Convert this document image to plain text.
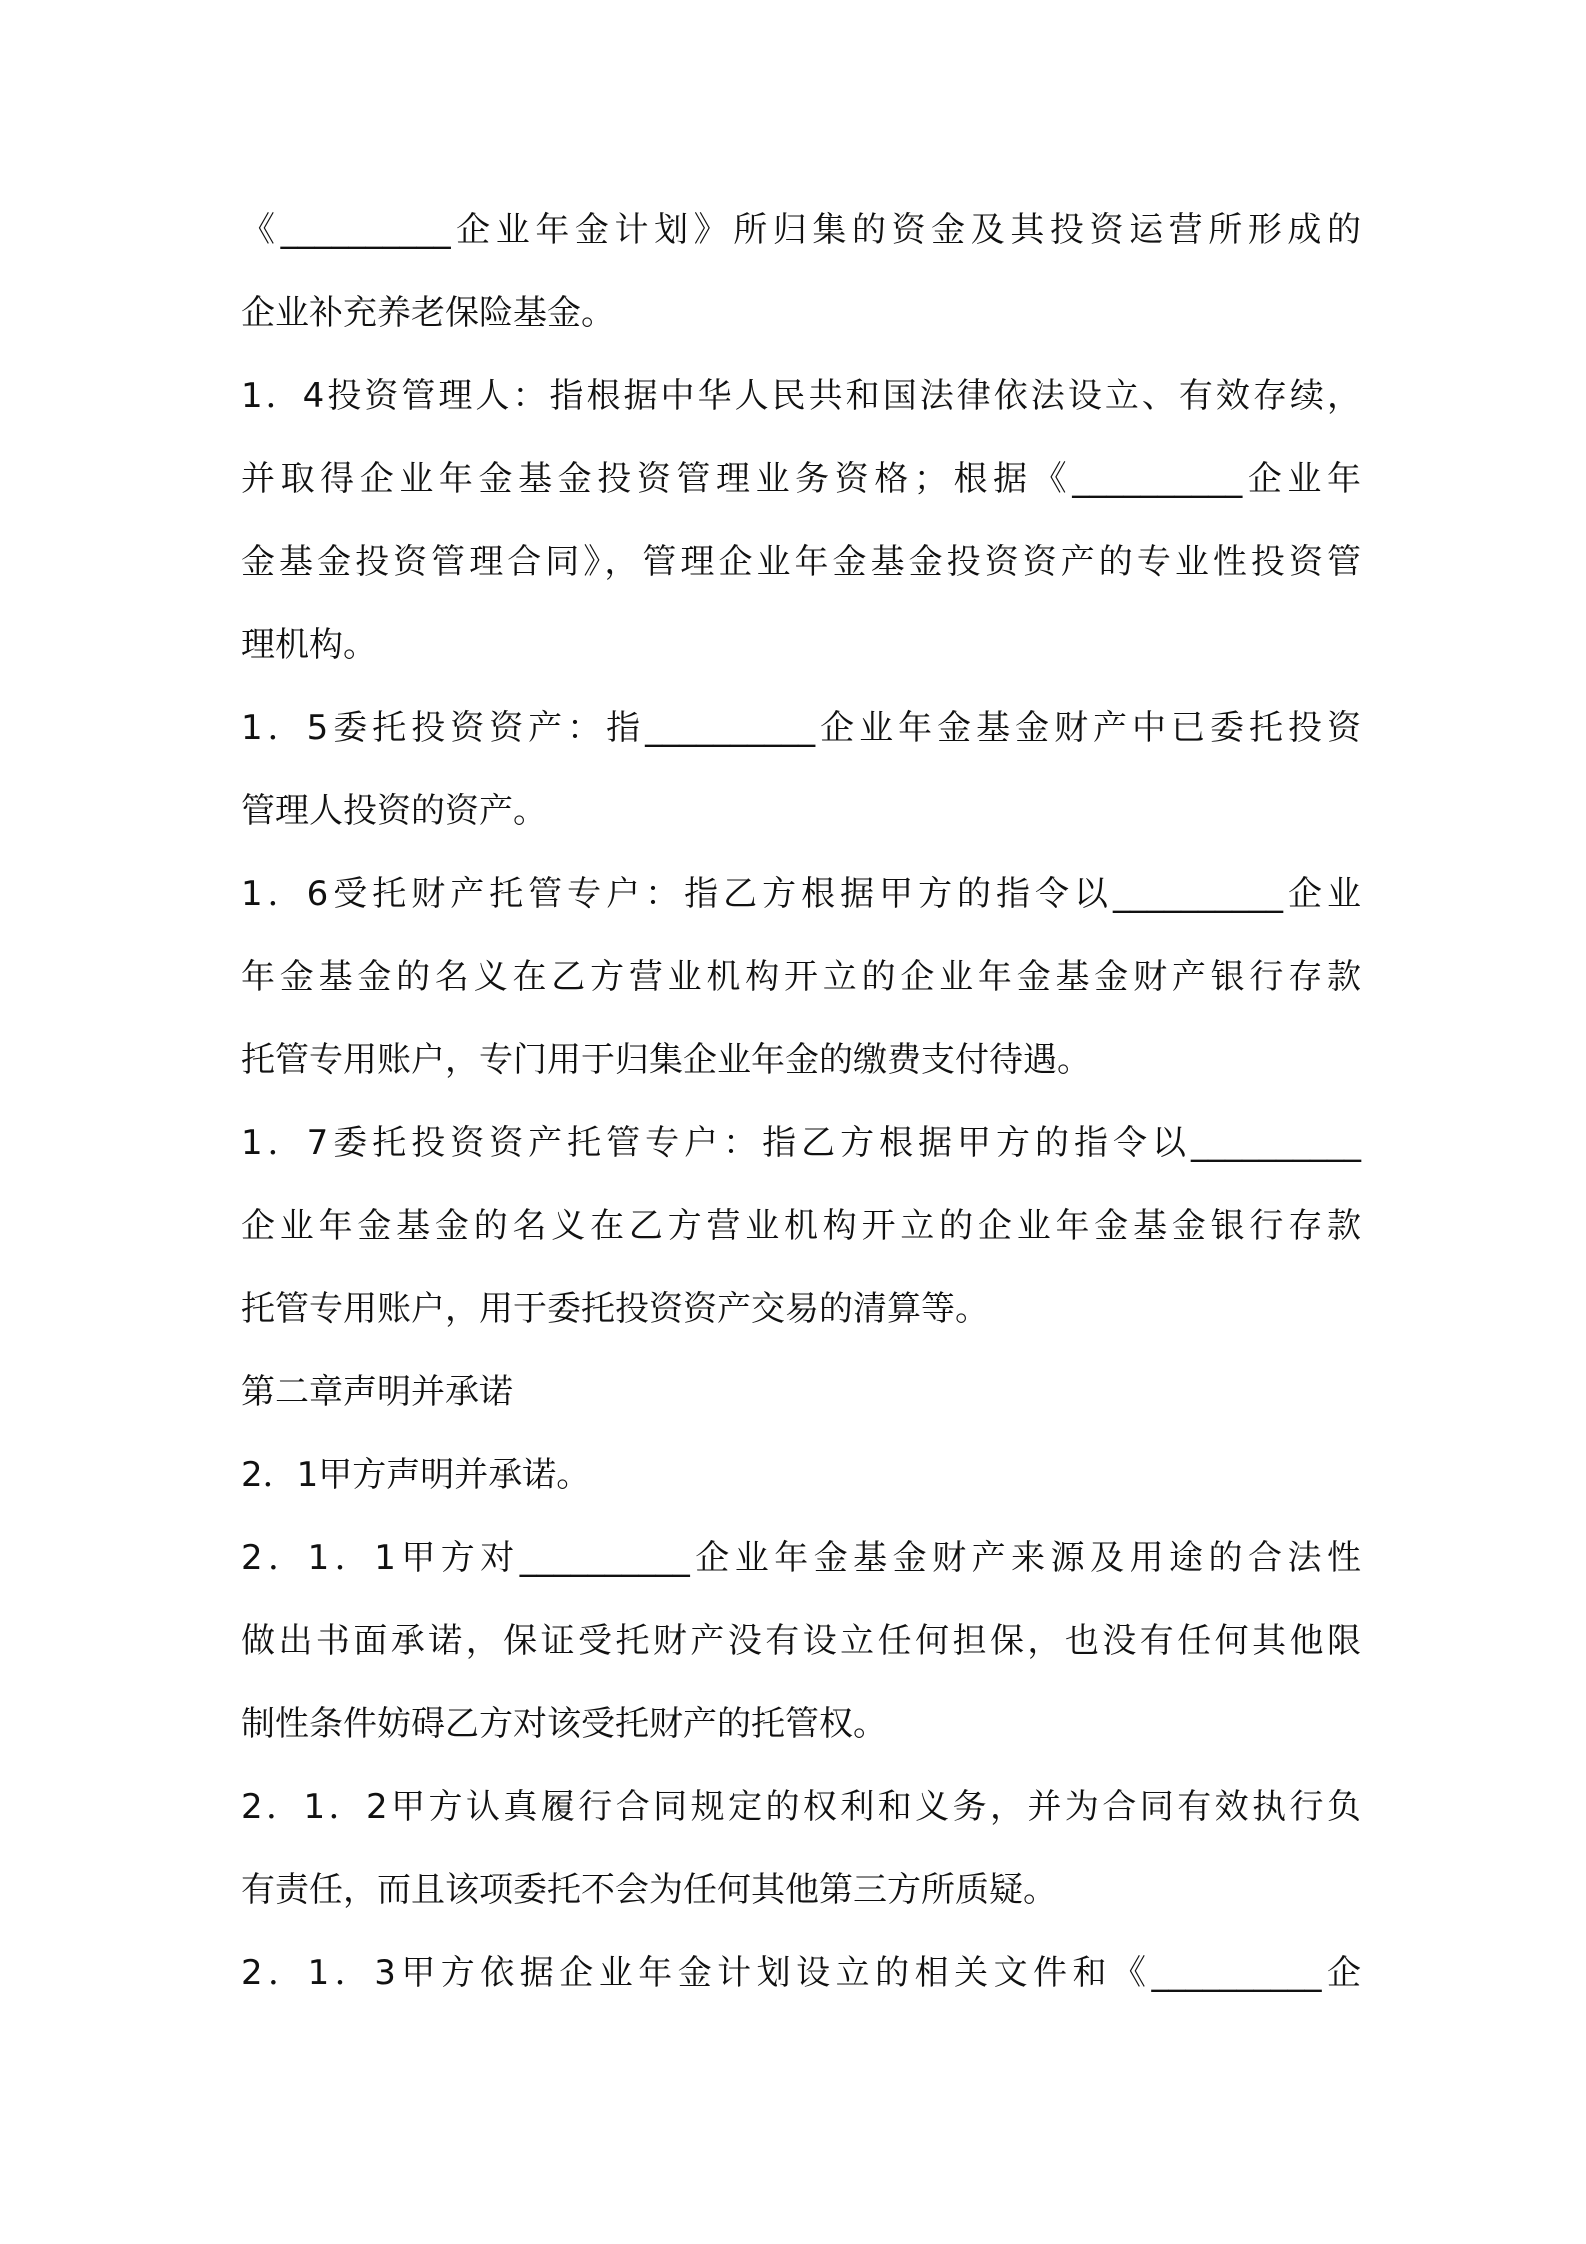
《__________企业年金计划》所归集的资金及其投资运营所形成的
企业补充养老保险基金。
1．4投资管理人：指根据中华人民共和国法律依法设立、有效存续，
并取得企业年金基金投资管理业务资格；根据《__________企业年
金基金投资管理合同》，管理企业年金基金投资资产的专业性投资管
理机构。
1．5委托投资资产：指__________企业年金基金财产中已委托投资
管理人投资的资产。
1．6受托财产托管专户：指乙方根据甲方的指令以__________企业
年金基金的名义在乙方营业机构开立的企业年金基金财产银行存款
托管专用账户，专门用于归集企业年金的缴费支付待遇。
1．7委托投资资产托管专户：指乙方根据甲方的指令以__________
企业年金基金的名义在乙方营业机构开立的企业年金基金银行存款
托管专用账户，用于委托投资资产交易的清算等。
第二章声明并承诺
2．1甲方声明并承诺。
2．1．1甲方对__________企业年金基金财产来源及用途的合法性
做出书面承诺，保证受托财产没有设立任何担保，也没有任何其他限
制性条件妨碍乙方对该受托财产的托管权。
2．1．2甲方认真履行合同规定的权利和义务，并为合同有效执行负
有责任，而且该项委托不会为任何其他第三方所质疑。
2．1．3甲方依据企业年金计划设立的相关文件和《__________企
